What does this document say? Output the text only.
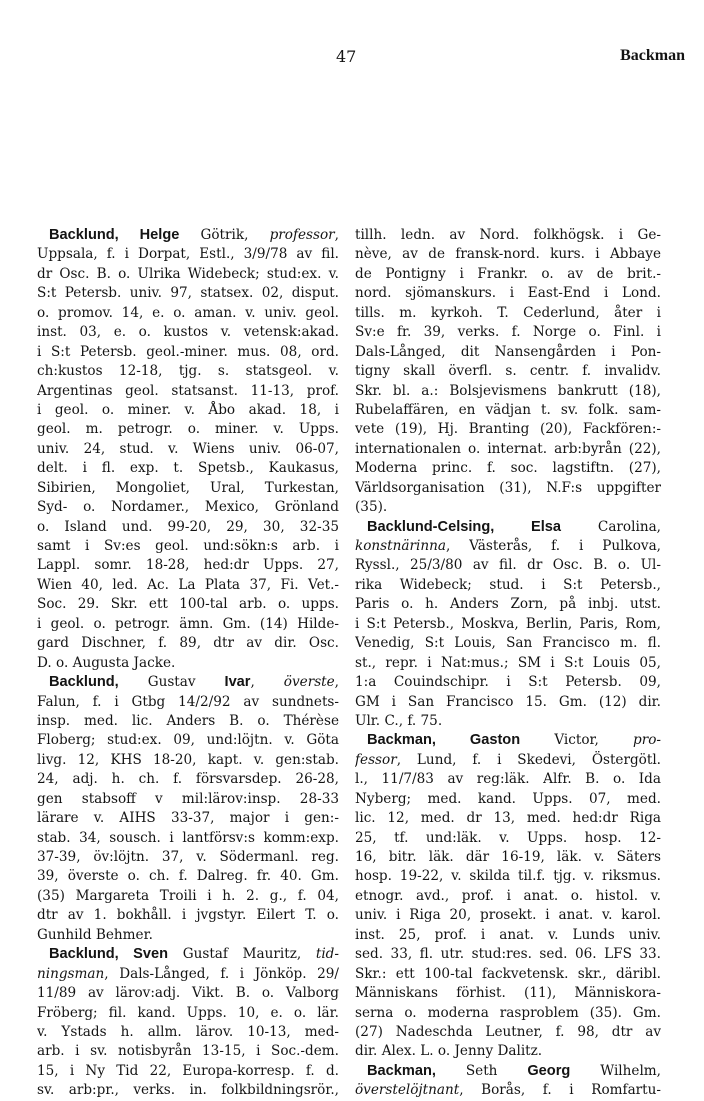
47	Backman
Backlund, Helge Götrik, professor,
Uppsala, f. i Dorpat, Estl., 3/9/78 av fil.
dr Osc. B. o. Ulrika Widebeck; stud:ex. v.
S:t Petersb. univ. 97, statsex. 02, disput.
o. promov. 14, e. o. aman. v. univ. geol.
inst. 03, e. o. kustos v. vetensk:akad.
i S:t Petersb. geol.-miner. mus. 08, ord.
ch:kustos 12-18, tjg. s. statsgeol. v.
Argentinas geol. statsanst. 11-13, prof.
i geol. o. miner. v. Åbo akad. 18, i
geol. m. petrogr. o. miner. v. Upps.
univ. 24, stud. v. Wiens univ. 06-07,
delt. i fl. exp. t. Spetsb., Kaukasus,
Sibirien, Mongoliet, Ural, Turkestan,
Syd- o. Nordamer., Mexico, Grönland
o. Island und. 99-20, 29, 30, 32-35
samt i Sv:es geol. und:sökn:s arb. i
Lappl. somr. 18-28, hed:dr Upps. 27,
Wien 40, led. Ac. La Plata 37, Fi. Vet.-
Soc. 29. Skr. ett 100-tal arb. o. upps.
i geol. o. petrogr. ämn. Gm. (14) Hilde-
gard Dischner, f. 89, dtr av dir. Osc.
D. o. Augusta Jacke.
Backlund, Gustav Ivar, överste,
Falun, f. i Gtbg 14/2/92 av sundnets-
insp. med. lic. Anders B. o. Thérèse
Floberg; stud:ex. 09, und:löjtn. v. Göta
livg. 12, KHS 18-20, kapt. v. gen:stab.
24, adj. h. ch. f. försvarsdep. 26-28,
gen stabsoff v mil:lärov:insp. 28-33
lärare v. AIHS 33-37, major i gen:-
stab. 34, sousch. i lantförsv:s komm:exp.
37-39, öv:löjtn. 37, v. Södermanl. reg.
39, överste o. ch. f. Dalreg. fr. 40. Gm.
(35) Margareta Troili i h. 2. g., f. 04,
dtr av 1. bokhåll. i jvgstyr. Eilert T. o.
Gunhild Behmer.
Backlund, Sven Gustaf Mauritz, tid-
ningsman, Dals-Långed, f. i Jönköp. 29/
11/89 av lärov:adj. Vikt. B. o. Valborg
Fröberg; fil. kand. Upps. 10, e. o. lär.
v. Ystads h. allm. lärov. 10-13, med-
arb. i sv. notisbyrån 13-15, i Soc.-dem.
15, i Ny Tid 22, Europa-korresp. f. d.
sv. arb:pr., verks. in. folkbildningsrör.,
tillh. ledn. av Nord. folkhögsk. i Ge-
nève, av de fransk-nord. kurs. i Abbaye
de Pontigny i Frankr. o. av de brit.-
nord. sjömanskurs. i East-End i Lond.
tills. m. kyrkoh. T. Cederlund, åter i
Sv:e fr. 39, verks. f. Norge o. Finl. i
Dals-Långed, dit Nansengården i Pon-
tigny skall överfl. s. centr. f. invalidv.
Skr. bl. a.: Bolsjevismens bankrutt (18),
Rubelaffären, en vädjan t. sv. folk. sam-
vete (19), Hj. Branting (20), Fackfören:-
internationalen o. internat. arb:byrån (22),
Moderna princ. f. soc. lagstiftn. (27),
Världsorganisation (31), N.F:s uppgifter
(35).
Backlund-Celsing, Elsa Carolina,
konstnärinna, Västerås, f. i Pulkova,
Ryssl., 25/3/80 av fil. dr Osc. B. o. Ul-
rika Widebeck; stud. i S:t Petersb.,
Paris o. h. Anders Zorn, på inbj. utst.
i S:t Petersb., Moskva, Berlin, Paris, Rom,
Venedig, S:t Louis, San Francisco m. fl.
st., repr. i Nat:mus.; SM i S:t Louis 05,
1:a Couindschipr. i S:t Petersb. 09,
GM i San Francisco 15. Gm. (12) dir.
Ulr. C., f. 75.
Backman, Gaston Victor, pro-
fessor, Lund, f. i Skedevi, Östergötl.
l., 11/7/83 av reg:läk. Alfr. B. o. Ida
Nyberg; med. kand. Upps. 07, med.
lic. 12, med. dr 13, med. hed:dr Riga
25, tf. und:läk. v. Upps. hosp. 12-
16, bitr. läk. där 16-19, läk. v. Säters
hosp. 19-22, v. skilda til.f. tjg. v. riksmus.
etnogr. avd., prof. i anat. o. histol. v.
univ. i Riga 20, prosekt. i anat. v. karol.
inst. 25, prof. i anat. v. Lunds univ.
sed. 33, fl. utr. stud:res. sed. 06. LFS 33.
Skr.: ett 100-tal fackvetensk. skr., däribl.
Människans förhist. (11), Människora-
serna o. moderna rasproblem (35). Gm.
(27) Nadeschda Leutner, f. 98, dtr av
dir. Alex. L. o. Jenny Dalitz.
Backman, Seth Georg Wilhelm,
överstelöjtnant, Borås, f. i Romfartu-
